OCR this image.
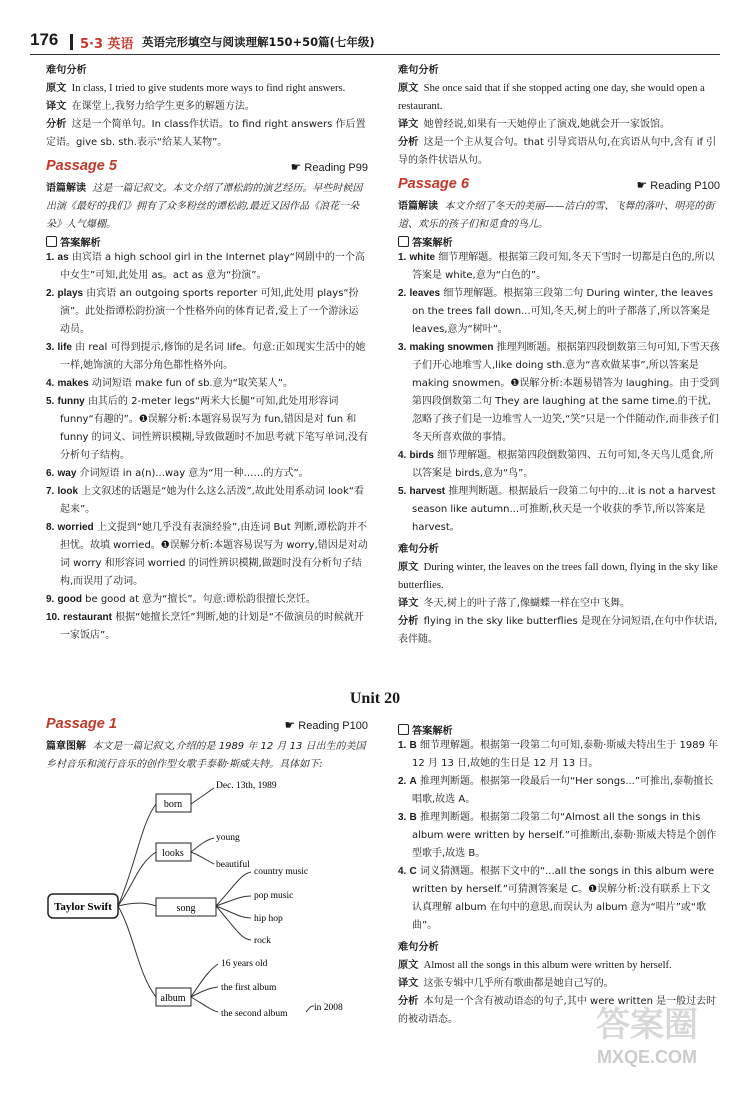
176 5·3 英语 英语完形填空与阅读理解150+50篇(七年级)

难句分析

原文 In class, I tried to give students more ways to find right answers.

译文 在课堂上,我努力给学生更多的解题方法。

分析 这是一个简单句。In class作状语。to find right answers 作后置定语。give sb. sth.表示“给某人某物”。

Passage 5	☛ Reading P99

语篇解读 这是一篇记叙文。本文介绍了谭松韵的演艺经历。早些时候因出演《最好的我们》拥有了众多粉丝的谭松韵,最近又因作品《浪花一朵朵》人气爆棚。

答案解析

1. as 由宾语 a high school girl in the Internet play“网剧中的一个高中女生”可知,此处用 as。act as 意为“扮演”。

2. plays 由宾语 an outgoing sports reporter 可知,此处用 plays“扮演”。此处指谭松韵扮演一个性格外向的体育记者,爱上了一个游泳运动员。

3. life 由 real 可得到提示,修饰的是名词 life。句意:正如现实生活中的她一样,她饰演的大部分角色都性格外向。

4. makes 动词短语 make fun of sb.意为“取笑某人”。

5. funny 由其后的 2-meter legs“两米大长腿”可知,此处用形容词 funny“有趣的”。❶误解分析:本题容易误写为 fun,错因是对 fun 和 funny 的词义、词性辨识模糊,导致做题时不加思考就下笔写单词,没有分析句子结构。

6. way 介词短语 in a(n)...way 意为“用一种……的方式”。

7. look 上文叙述的话题是“她为什么这么活泼”,故此处用系动词 look“看起来”。

8. worried 上文提到“她几乎没有表演经验”,由连词 But 判断,谭松韵并不担忧。故填 worried。❶误解分析:本题容易误写为 worry,错因是对动词 worry 和形容词 worried 的词性辨识模糊,做题时没有分析句子结构,而误用了动词。

9. good be good at 意为“擅长”。句意:谭松韵很擅长烹饪。

10. restaurant 根据“她擅长烹饪”判断,她的计划是“不做演员的时候就开一家饭店”。

难句分析

原文 She once said that if she stopped acting one day, she would open a restaurant.

译文 她曾经说,如果有一天她停止了演戏,她就会开一家饭馆。

分析 这是一个主从复合句。that 引导宾语从句,在宾语从句中,含有 if 引导的条件状语从句。

Passage 6	☛ Reading P100

语篇解读 本文介绍了冬天的美丽——洁白的雪、飞舞的落叶、明亮的街道、欢乐的孩子们和觅食的鸟儿。

答案解析

1. white 细节理解题。根据第三段可知,冬天下雪时一切都是白色的,所以答案是 white,意为“白色的”。

2. leaves 细节理解题。根据第三段第二句 During winter, the leaves on the trees fall down...可知,冬天,树上的叶子都落了,所以答案是 leaves,意为“树叶”。

3. making snowmen 推理判断题。根据第四段倒数第三句可知,下雪天孩子们开心地堆雪人,like doing sth.意为“喜欢做某事”,所以答案是 making snowmen。❶误解分析:本题易错答为 laughing。由于受到第四段倒数第二句 They are laughing at the same time.的干扰,忽略了孩子们是一边堆雪人一边笑,“笑”只是一个伴随动作,而非孩子们冬天所喜欢做的事情。

4. birds 细节理解题。根据第四段倒数第四、五句可知,冬天鸟儿觅食,所以答案是 birds,意为“鸟”。

5. harvest 推理判断题。根据最后一段第二句中的...it is not a harvest season like autumn...可推断,秋天是一个收获的季节,所以答案是 harvest。

难句分析

原文 During winter, the leaves on the trees fall down, flying in the sky like butterflies.

译文 冬天,树上的叶子落了,像蝴蝶一样在空中飞舞。

分析 flying in the sky like butterflies 是现在分词短语,在句中作状语,表伴随。

Unit 20
Passage 1	☛ Reading P100

篇章图解 本文是一篇记叙文,介绍的是 1989 年 12 月 13 日出生的美国乡村音乐和流行音乐的创作型女歌手泰勒·斯威夫特。具体如下:

Taylor Swift
born
Dec. 13th, 1989
looks
young
beautiful
song
country music
pop music
hip hop
rock
album
16 years old
the first album
the second album
in 2008

答案解析

1. B 细节理解题。根据第一段第二句可知,泰勒·斯威夫特出生于 1989 年 12 月 13 日,故她的生日是 12 月 13 日。

2. A 推理判断题。根据第一段最后一句“Her songs...”可推出,泰勒擅长唱歌,故选 A。

3. B 推理判断题。根据第二段第二句“Almost all the songs in this album were written by herself.”可推断出,泰勒·斯威夫特是个创作型歌手,故选 B。

4. C 词义猜测题。根据下文中的“...all the songs in this album were written by herself.”可猜测答案是 C。❶误解分析:没有联系上下文认真理解 album 在句中的意思,而误认为 album 意为“唱片”或“歌曲”。

难句分析

原文 Almost all the songs in this album were written by herself.

译文 这张专辑中几乎所有歌曲都是她自己写的。

分析 本句是一个含有被动语态的句子,其中 were written 是一般过去时的被动语态。	答案圈
MXQE.COM
